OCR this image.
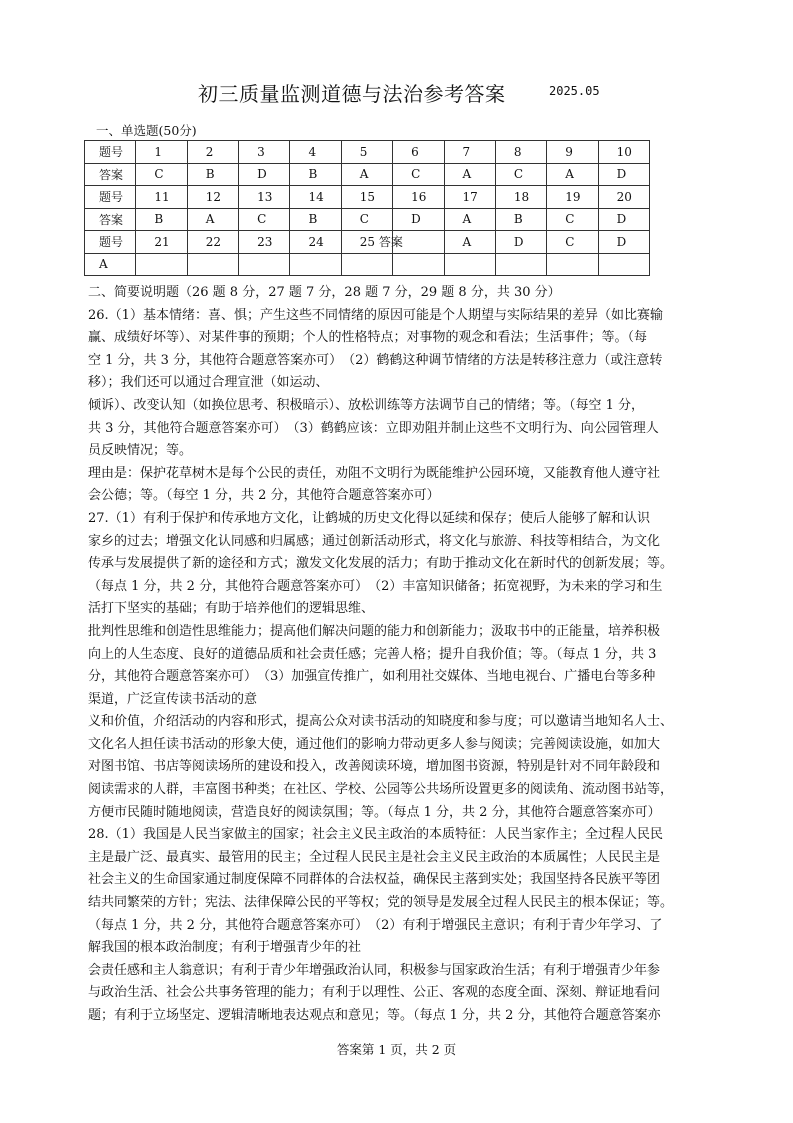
初三质量监测道德与法治参考答案	2025.05
一、单选题(50分)
题号	1	2	3	4	5	6	7	8	9	10
答案	C	B	D	B	A	C	A	C	A	D
题号	11	12	13	14	15	16	17	18	19	20
答案	B	A	C	B	C	D	A	B	C	D
题号	21	22	23	24	25 答案		A	D	C	D
A										

二、简要说明题（26 题 8 分，27 题 7 分，28 题 7 分，29 题 8 分，共 30 分）

26.（1）基本情绪：喜、惧；产生这些不同情绪的原因可能是个人期望与实际结果的差异（如比赛输

赢、成绩好坏等）、对某件事的预期；个人的性格特点；对事物的观念和看法；生活事件；等。（每

空 1 分，共 3 分，其他符合题意答案亦可）　（2）鹤鹤这种调节情绪的方法是转移注意力（或注意转

移）；我们还可以通过合理宣泄（如运动、

倾诉）、改变认知（如换位思考、积极暗示）、放松训练等方法调节自己的情绪；等。（每空 1 分，

共 3 分，其他符合题意答案亦可）　（3）鹤鹤应该：立即劝阻并制止这些不文明行为、向公园管理人

员反映情况；等。

理由是：保护花草树木是每个公民的责任，劝阻不文明行为既能维护公园环境，又能教育他人遵守社

会公德；等。（每空 1 分，共 2 分，其他符合题意答案亦可）

27.（1）有利于保护和传承地方文化，让鹤城的历史文化得以延续和保存；使后人能够了解和认识

家乡的过去；增强文化认同感和归属感；通过创新活动形式，将文化与旅游、科技等相结合，为文化

传承与发展提供了新的途径和方式；激发文化发展的活力；有助于推动文化在新时代的创新发展；等。

（每点 1 分，共 2 分，其他符合题意答案亦可）　（2）丰富知识储备；拓宽视野，为未来的学习和生

活打下坚实的基础；有助于培养他们的逻辑思维、

批判性思维和创造性思维能力；提高他们解决问题的能力和创新能力；汲取书中的正能量，培养积极

向上的人生态度、良好的道德品质和社会责任感；完善人格；提升自我价值；等。（每点 1 分，共 3

分，其他符合题意答案亦可）　（3）加强宣传推广，如利用社交媒体、当地电视台、广播电台等多种

渠道，广泛宣传读书活动的意

义和价值，介绍活动的内容和形式，提高公众对读书活动的知晓度和参与度；可以邀请当地知名人士、

文化名人担任读书活动的形象大使，通过他们的影响力带动更多人参与阅读；完善阅读设施，如加大

对图书馆、书店等阅读场所的建设和投入，改善阅读环境，增加图书资源，特别是针对不同年龄段和

阅读需求的人群，丰富图书种类；在社区、学校、公园等公共场所设置更多的阅读角、流动图书站等，

方便市民随时随地阅读，营造良好的阅读氛围；等。（每点 1 分，共 2 分，其他符合题意答案亦可）

28.（1）我国是人民当家做主的国家；社会主义民主政治的本质特征：人民当家作主；全过程人民民

主是最广泛、最真实、最管用的民主；全过程人民民主是社会主义民主政治的本质属性；人民民主是

社会主义的生命国家通过制度保障不同群体的合法权益，确保民主落到实处；我国坚持各民族平等团

结共同繁荣的方针；宪法、法律保障公民的平等权；党的领导是发展全过程人民民主的根本保证；等。

（每点 1 分，共 2 分，其他符合题意答案亦可）　（2）有利于增强民主意识；有利于青少年学习、了

解我国的根本政治制度；有利于增强青少年的社

会责任感和主人翁意识；有利于青少年增强政治认同，积极参与国家政治生活；有利于增强青少年参

与政治生活、社会公共事务管理的能力；有利于以理性、公正、客观的态度全面、深刻、辩证地看问

题；有利于立场坚定、逻辑清晰地表达观点和意见；等。（每点 1 分，共 2 分，其他符合题意答案亦

答案第 1 页，共 2 页
